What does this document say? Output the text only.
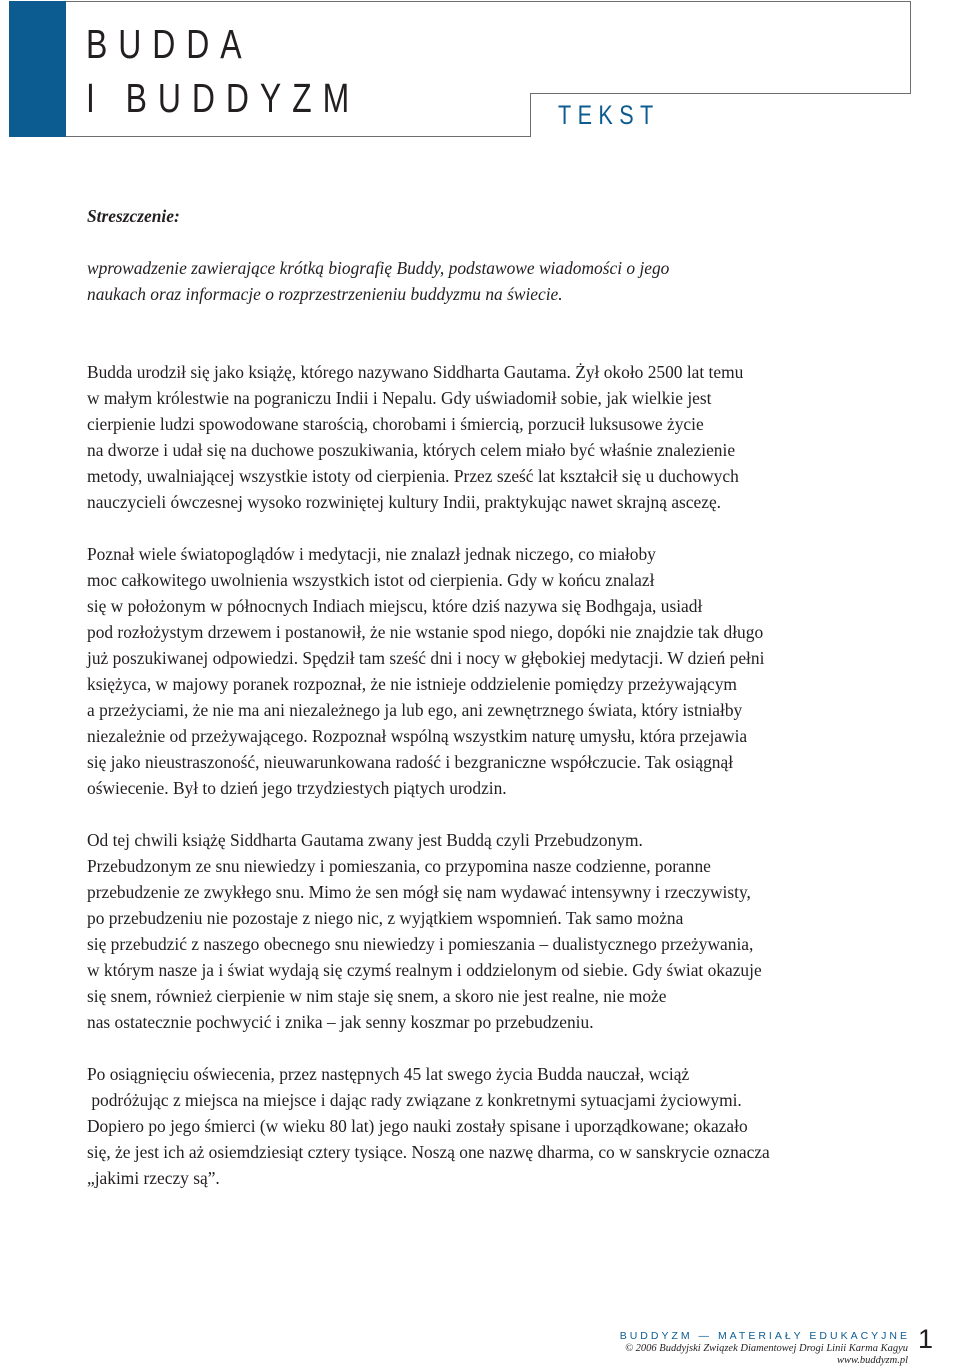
BUDDA
I BUDDYZM	TEKST

Streszczenie:

wprowadzenie zawierające krótką biografię Buddy, podstawowe wiadomości o jego
naukach oraz informacje o rozprzestrzenieniu buddyzmu na świecie.

Budda urodził się jako książę, którego nazywano Siddharta Gautama. Żył około 2500 lat temu
w małym królestwie na pograniczu Indii i Nepalu. Gdy uświadomił sobie, jak wielkie jest
cierpienie ludzi spowodowane starością, chorobami i śmiercią, porzucił luksusowe życie
na dworze i udał się na duchowe poszukiwania, których celem miało być właśnie znalezienie
metody, uwalniającej wszystkie istoty od cierpienia. Przez sześć lat kształcił się u duchowych
nauczycieli ówczesnej wysoko rozwiniętej kultury Indii, praktykując nawet skrajną ascezę.

Poznał wiele światopoglądów i medytacji, nie znalazł jednak niczego, co miałoby
moc całkowitego uwolnienia wszystkich istot od cierpienia. Gdy w końcu znalazł
się w położonym w północnych Indiach miejscu, które dziś nazywa się Bodhgaja, usiadł
pod rozłożystym drzewem i postanowił, że nie wstanie spod niego, dopóki nie znajdzie tak długo
już poszukiwanej odpowiedzi. Spędził tam sześć dni i nocy w głębokiej medytacji. W dzień pełni
księżyca, w majowy poranek rozpoznał, że nie istnieje oddzielenie pomiędzy przeżywającym
a przeżyciami, że nie ma ani niezależnego ja lub ego, ani zewnętrznego świata, który istniałby
niezależnie od przeżywającego. Rozpoznał wspólną wszystkim naturę umysłu, która przejawia
się jako nieustraszoność, nieuwarunkowana radość i bezgraniczne współczucie. Tak osiągnął
oświecenie. Był to dzień jego trzydziestych piątych urodzin.

Od tej chwili książę Siddharta Gautama zwany jest Buddą czyli Przebudzonym.
Przebudzonym ze snu niewiedzy i pomieszania, co przypomina nasze codzienne, poranne
przebudzenie ze zwykłego snu. Mimo że sen mógł się nam wydawać intensywny i rzeczywisty,
po przebudzeniu nie pozostaje z niego nic, z wyjątkiem wspomnień. Tak samo można
się przebudzić z naszego obecnego snu niewiedzy i pomieszania – dualistycznego przeżywania,
w którym nasze ja i świat wydają się czymś realnym i oddzielonym od siebie. Gdy świat okazuje
się snem, również cierpienie w nim staje się snem, a skoro nie jest realne, nie może
nas ostatecznie pochwycić i znika – jak senny koszmar po przebudzeniu.

Po osiągnięciu oświecenia, przez następnych 45 lat swego życia Budda nauczał, wciąż
podróżując z miejsca na miejsce i dając rady związane z konkretnymi sytuacjami życiowymi.
Dopiero po jego śmierci (w wieku 80 lat) jego nauki zostały spisane i uporządkowane; okazało
się, że jest ich aż osiemdziesiąt cztery tysiące. Noszą one nazwę dharma, co w sanskrycie oznacza
„jakimi rzeczy są”.

BUDDYZM — MATERIAŁY EDUKACYJNE
© 2006 Buddyjski Związek Diamentowej Drogi Linii Karma Kagyu
www.buddyzm.pl
1
